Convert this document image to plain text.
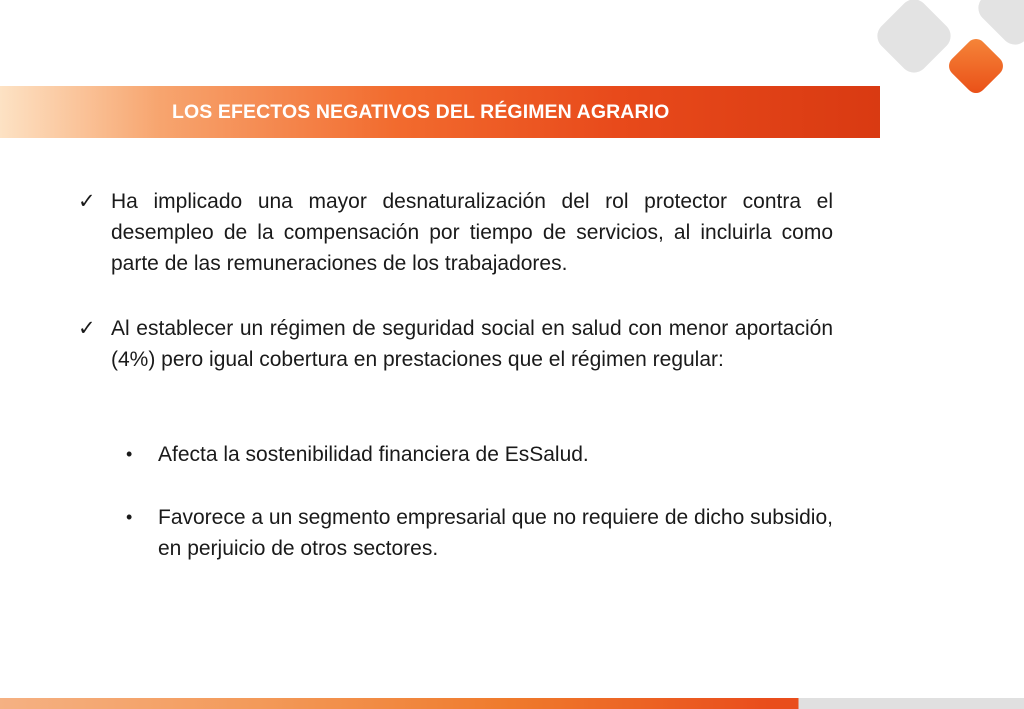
LOS EFECTOS NEGATIVOS DEL RÉGIMEN AGRARIO
✓ Ha implicado una mayor desnaturalización del rol protector contra el desempleo de la compensación por tiempo de servicios, al incluirla como parte de las remuneraciones de los trabajadores.
✓ Al establecer un régimen de seguridad social en salud con menor aportación (4%) pero igual cobertura en prestaciones que el régimen regular:
•	Afecta la sostenibilidad financiera de EsSalud.
•	Favorece a un segmento empresarial que no requiere de dicho subsidio, en perjuicio de otros sectores.
